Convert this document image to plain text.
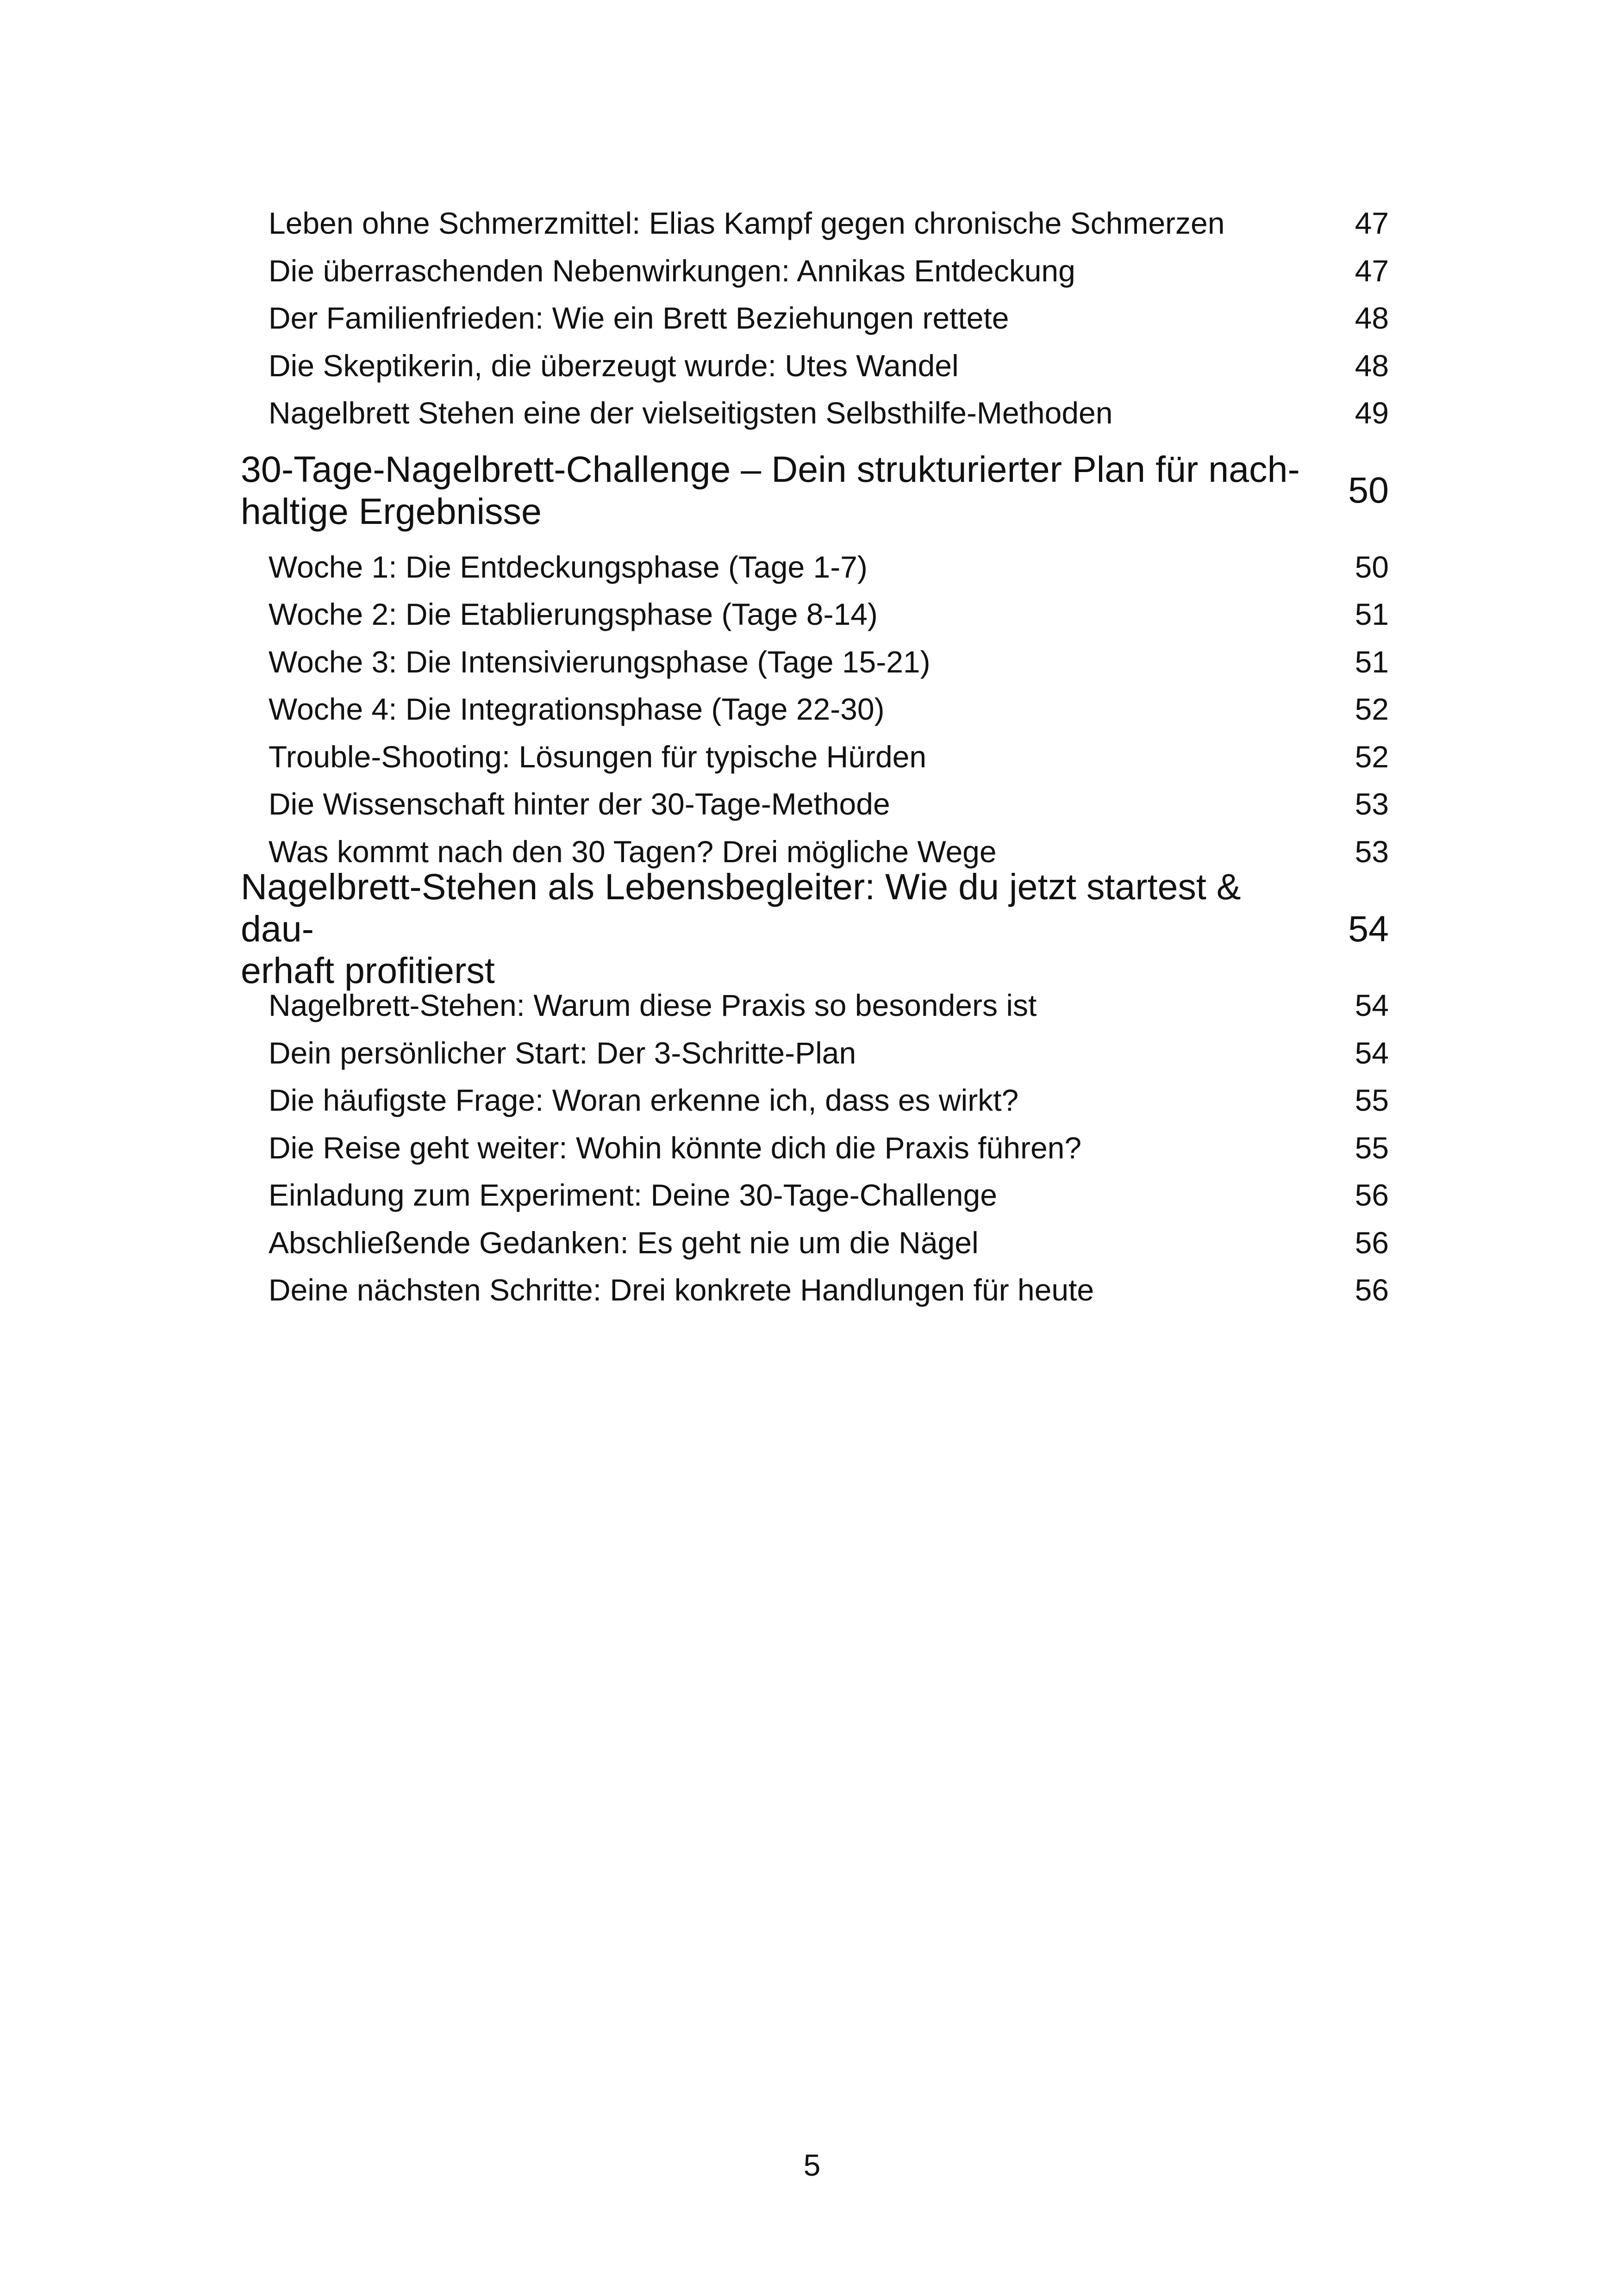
Leben ohne Schmerzmittel: Elias Kampf gegen chronische Schmerzen	47
Die überraschenden Nebenwirkungen: Annikas Entdeckung	47
Der Familienfrieden: Wie ein Brett Beziehungen rettete	48
Die Skeptikerin, die überzeugt wurde: Utes Wandel	48
Nagelbrett Stehen eine der vielseitigsten Selbsthilfe-Methoden	49
30-Tage-Nagelbrett-Challenge – Dein strukturierter Plan für nach-
haltige Ergebnisse
50
Woche 1: Die Entdeckungsphase (Tage 1-7)	50
Woche 2: Die Etablierungsphase (Tage 8-14)	51
Woche 3: Die Intensivierungsphase (Tage 15-21)	51
Woche 4: Die Integrationsphase (Tage 22-30)	52
Trouble-Shooting: Lösungen für typische Hürden	52
Die Wissenschaft hinter der 30-Tage-Methode	53
Was kommt nach den 30 Tagen? Drei mögliche Wege	53
Nagelbrett-Stehen als Lebensbegleiter: Wie du jetzt startest & dau-
erhaft profitierst
54
Nagelbrett-Stehen: Warum diese Praxis so besonders ist	54
Dein persönlicher Start: Der 3-Schritte-Plan	54
Die häufigste Frage: Woran erkenne ich, dass es wirkt?	55
Die Reise geht weiter: Wohin könnte dich die Praxis führen?	55
Einladung zum Experiment: Deine 30-Tage-Challenge	56
Abschließende Gedanken: Es geht nie um die Nägel	56
Deine nächsten Schritte: Drei konkrete Handlungen für heute	56
5
